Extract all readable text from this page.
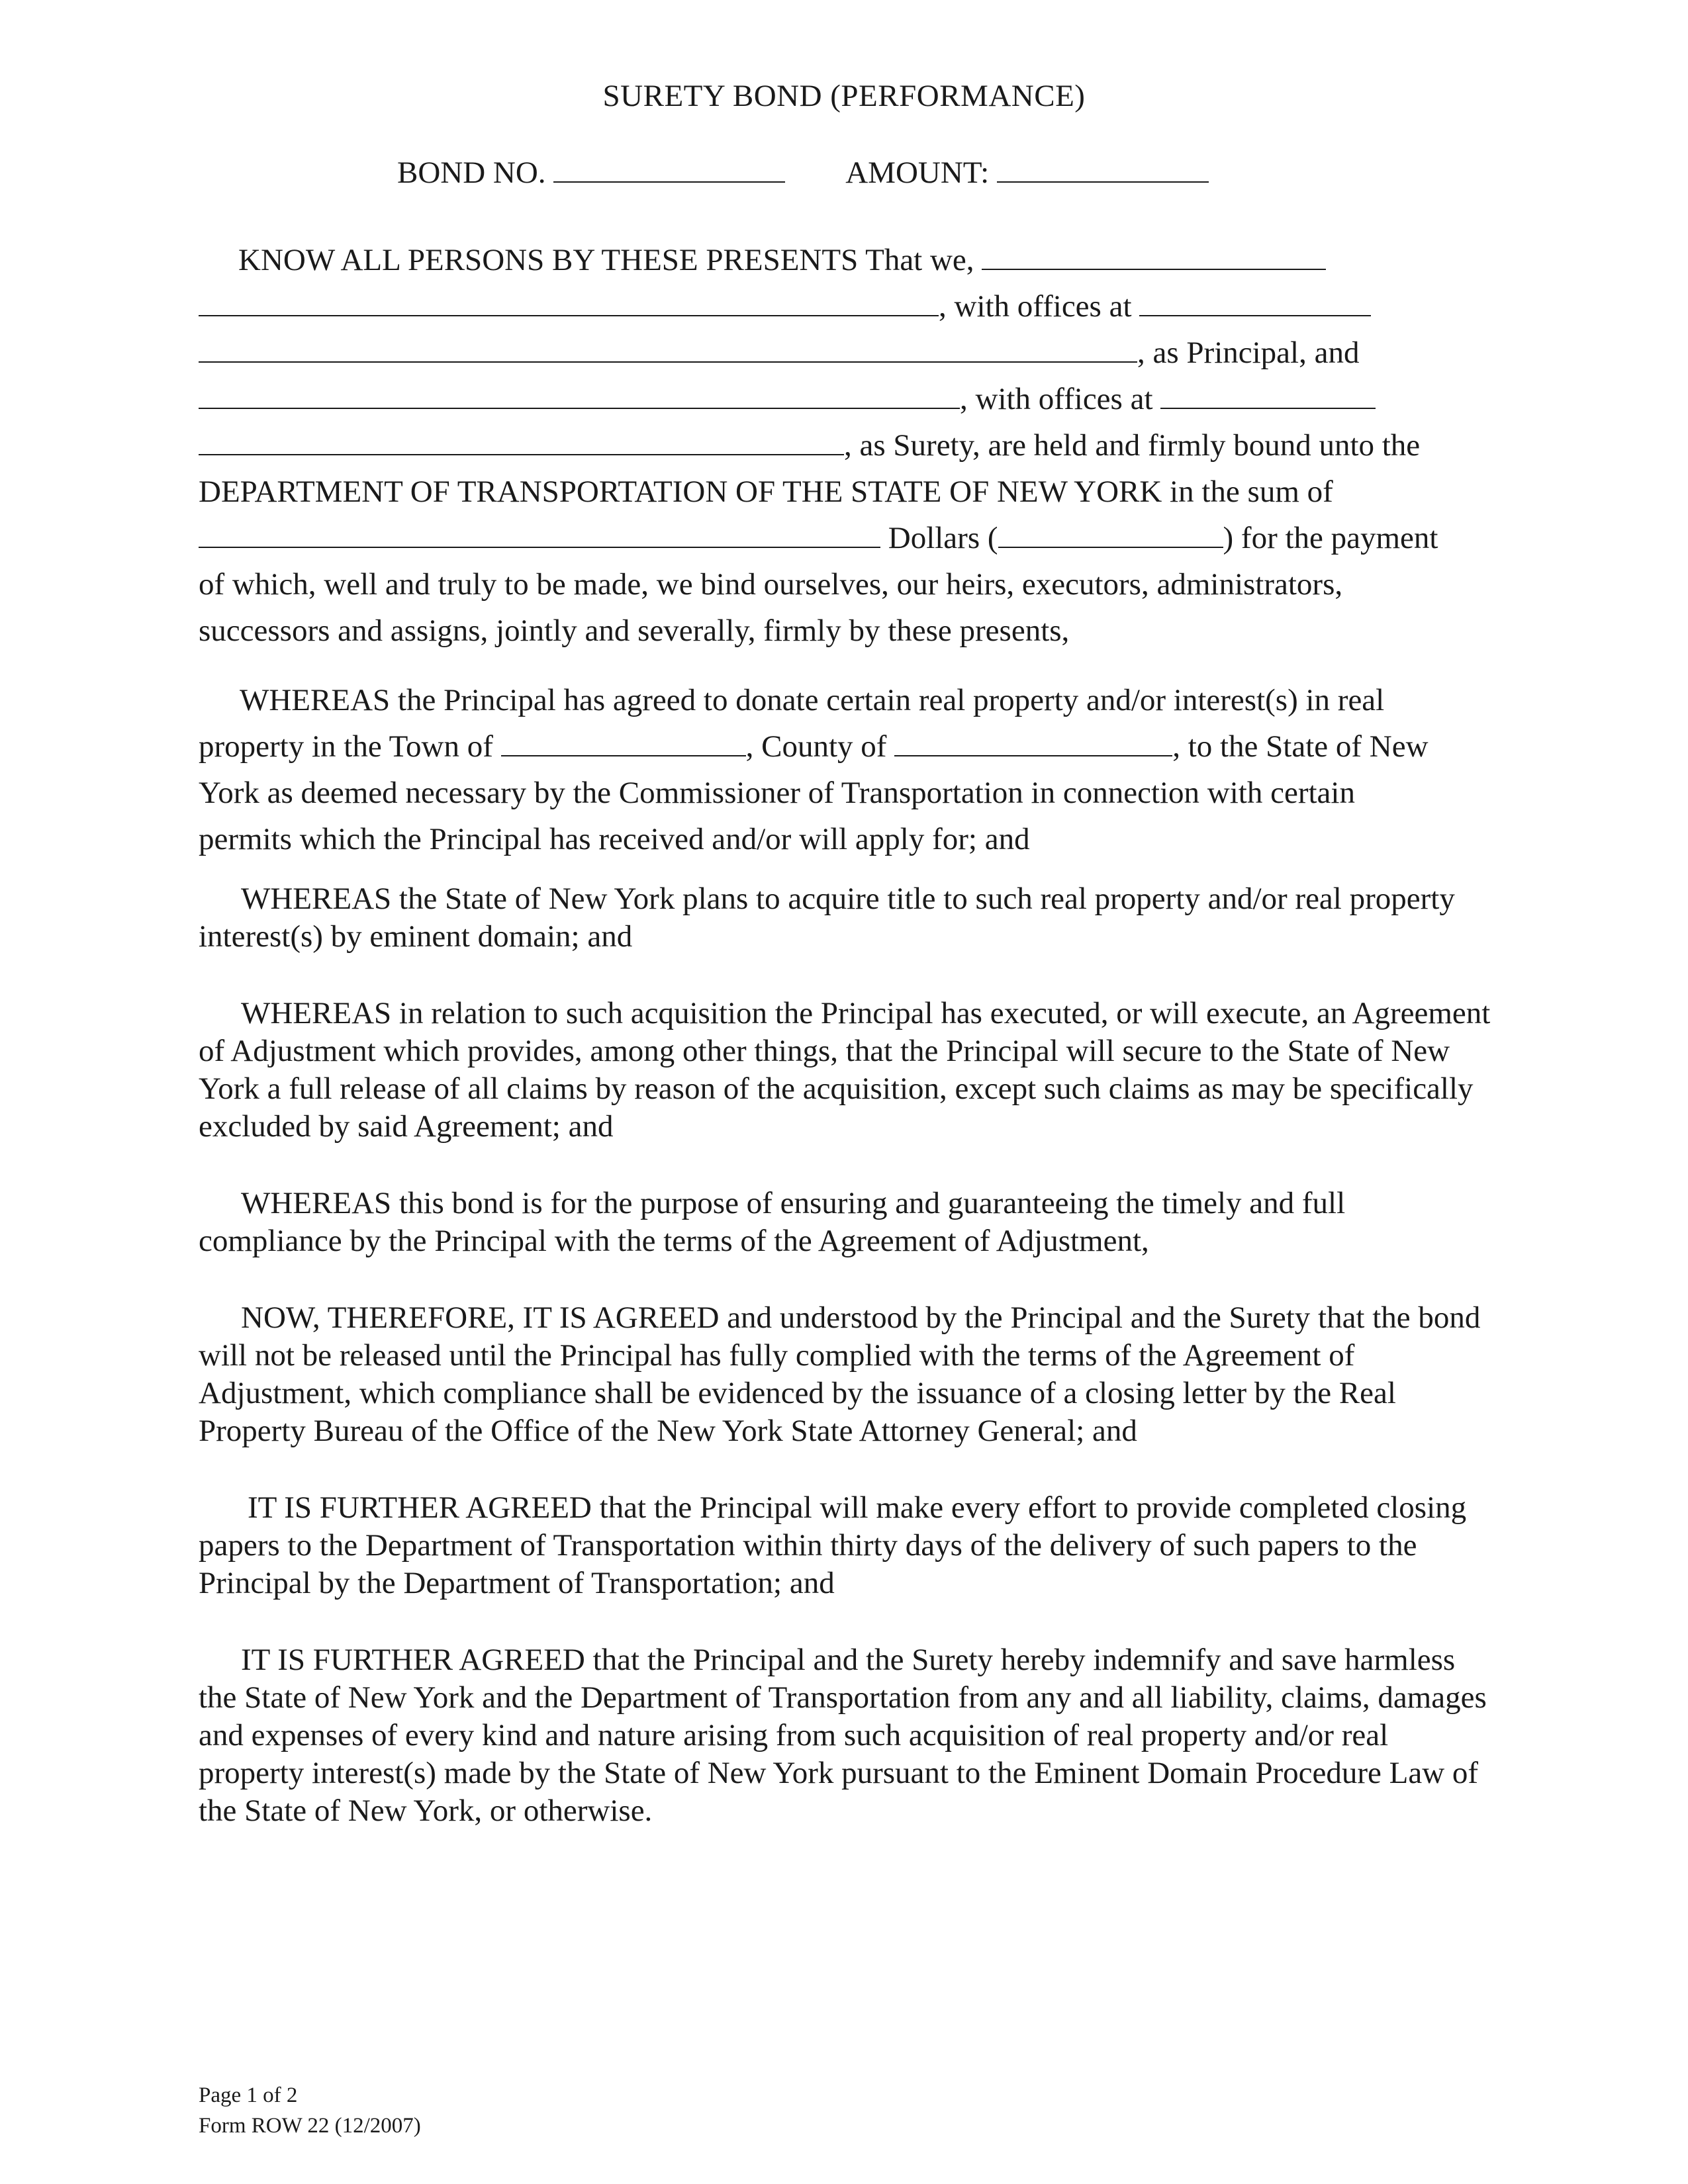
SURETY BOND (PERFORMANCE)
BOND NO.	AMOUNT:
KNOW ALL PERSONS BY THESE PRESENTS That we,
, with offices at
, as Principal, and
, with offices at
, as Surety, are held and firmly bound unto the
DEPARTMENT OF TRANSPORTATION OF THE STATE OF NEW YORK in the sum of
Dollars (	) for the payment
of which, well and truly to be made, we bind ourselves, our heirs, executors, administrators,
successors and assigns, jointly and severally, firmly by these presents,
WHEREAS the Principal has agreed to donate certain real property and/or interest(s) in real
property in the Town of	, County of	, to the State of New
York as deemed necessary by the Commissioner of Transportation in connection with certain
permits which the Principal has received and/or will apply for; and
WHEREAS the State of New York plans to acquire title to such real property and/or real property interest(s) by eminent domain; and
WHEREAS in relation to such acquisition the Principal has executed, or will execute, an Agreement of Adjustment which provides, among other things, that the Principal will secure to the State of New York a full release of all claims by reason of the acquisition, except such claims as may be specifically excluded by said Agreement; and
WHEREAS this bond is for the purpose of ensuring and guaranteeing the timely and full compliance by the Principal with the terms of the Agreement of Adjustment,
NOW, THEREFORE, IT IS AGREED and understood by the Principal and the Surety that the bond will not be released until the Principal has fully complied with the terms of the Agreement of Adjustment, which compliance shall be evidenced by the issuance of a closing letter by the Real Property Bureau of the Office of the New York State Attorney General; and
IT IS FURTHER AGREED that the Principal will make every effort to provide completed closing papers to the Department of Transportation within thirty days of the delivery of such papers to the Principal by the Department of Transportation; and
IT IS FURTHER AGREED that the Principal and the Surety hereby indemnify and save harmless the State of New York and the Department of Transportation from any and all liability, claims, damages and expenses of every kind and nature arising from such acquisition of real property and/or real property interest(s) made by the State of New York pursuant to the Eminent Domain Procedure Law of the State of New York, or otherwise.
Page 1 of 2
Form ROW 22 (12/2007)
